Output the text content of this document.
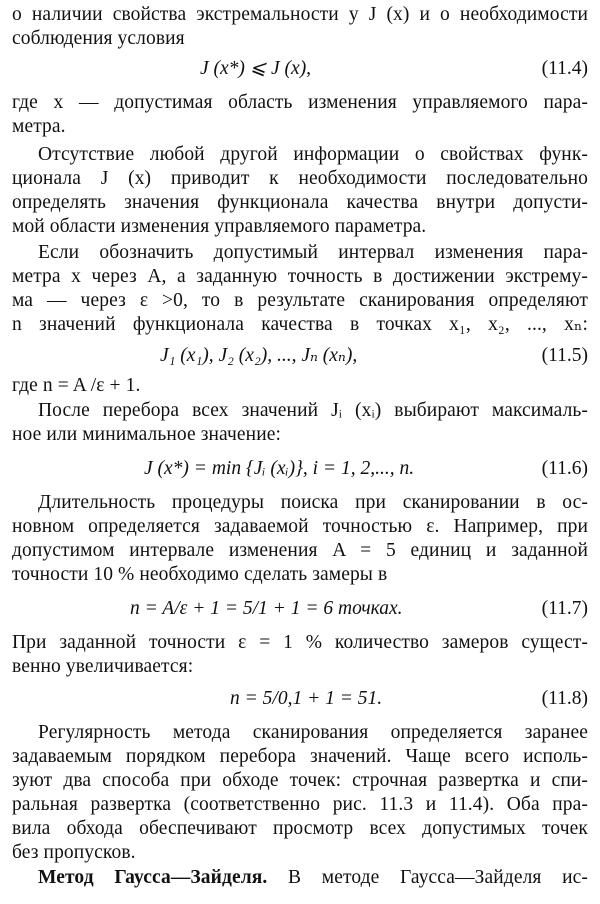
о наличии свойства экстремальности у J (x) и о необходимости
соблюдения условия
J (x*) ⩽ J (x),	(11.4)
где x — допустимая область изменения управляемого пара-
метра.
Отсутствие любой другой информации о свойствах функ-
ционала J (x) приводит к необходимости последовательно
определять значения функционала качества внутри допусти-
мой области изменения управляемого параметра.
Если обозначить допустимый интервал изменения пара-
метра x через A, а заданную точность в достижении экстрему-
ма — через ε >0, то в результате сканирования определяют
n значений функционала качества в точках x₁, x₂, ..., xₙ:
J₁ (x₁), J₂ (x₂), ..., Jₙ (xₙ),	(11.5)
где n = A /ε + 1.
После перебора всех значений Jᵢ (xᵢ) выбирают максималь-
ное или минимальное значение:
J (x*) = min {Jᵢ (xᵢ)}, i = 1, 2,..., n.	(11.6)
Длительность процедуры поиска при сканировании в ос-
новном определяется задаваемой точностью ε. Например, при
допустимом интервале изменения A = 5 единиц и заданной
точности 10 % необходимо сделать замеры в
n = A/ε + 1 = 5/1 + 1 = 6 точках.	(11.7)
При заданной точности ε = 1 % количество замеров сущест-
венно увеличивается:
n = 5/0,1 + 1 = 51.	(11.8)
Регулярность метода сканирования определяется заранее
задаваемым порядком перебора значений. Чаще всего исполь-
зуют два способа при обходе точек: строчная развертка и спи-
ральная развертка (соответственно рис. 11.3 и 11.4). Оба пра-
вила обхода обеспечивают просмотр всех допустимых точек
без пропусков.
Метод Гаусса—Зайделя. В методе Гаусса—Зайделя ис-
